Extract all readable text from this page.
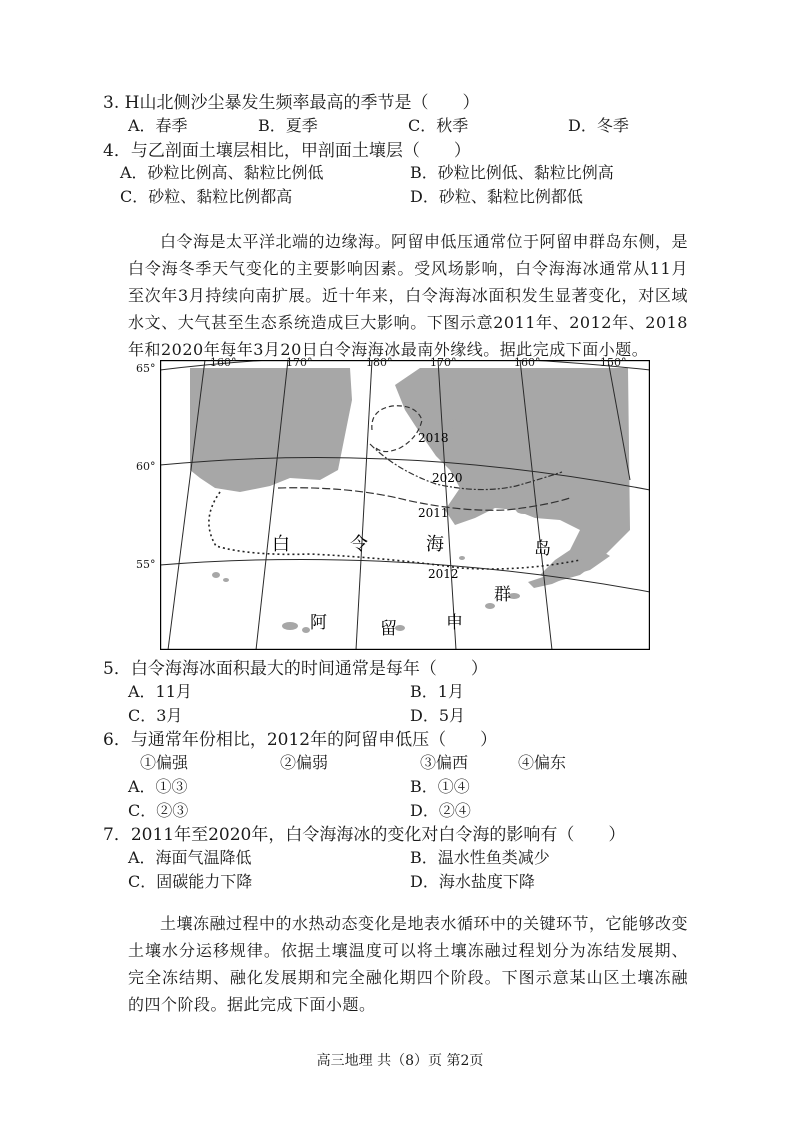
3. H山北侧沙尘暴发生频率最高的季节是（　　）
A．春季	B．夏季	C．秋季	D．冬季
4．与乙剖面土壤层相比，甲剖面土壤层（　　）
A．砂粒比例高、黏粒比例低	B．砂粒比例低、黏粒比例高
C．砂粒、黏粒比例都高	D．砂粒、黏粒比例都低

白令海是太平洋北端的边缘海。阿留申低压通常位于阿留申群岛东侧，是白令海冬季天气变化的主要影响因素。受风场影响，白令海海冰通常从11月至次年3月持续向南扩展。近十年来，白令海海冰面积发生显著变化，对区域水文、大气甚至生态系统造成巨大影响。下图示意2011年、2012年、2018年和2020年每年3月20日白令海海冰最南外缘线。据此完成下面小题。

2018
2020
2011
2012
白	令	海
阿	留	申
群
岛
160°	170°	180°	170°	160°	150°
65°
60°
55°
5．白令海海冰面积最大的时间通常是每年（　　）
A．11月	B．1月
C．3月	D．5月
6．与通常年份相比，2012年的阿留申低压（　　）
①偏强	②偏弱	③偏西	④偏东
A．①③	B．①④
C．②③	D．②④
7．2011年至2020年，白令海海冰的变化对白令海的影响有（　　）
A．海面气温降低	B．温水性鱼类减少
C．固碳能力下降	D．海水盐度下降

土壤冻融过程中的水热动态变化是地表水循环中的关键环节，它能够改变土壤水分运移规律。依据土壤温度可以将土壤冻融过程划分为冻结发展期、完全冻结期、融化发展期和完全融化期四个阶段。下图示意某山区土壤冻融的四个阶段。据此完成下面小题。

高三地理 共（8）页 第2页
